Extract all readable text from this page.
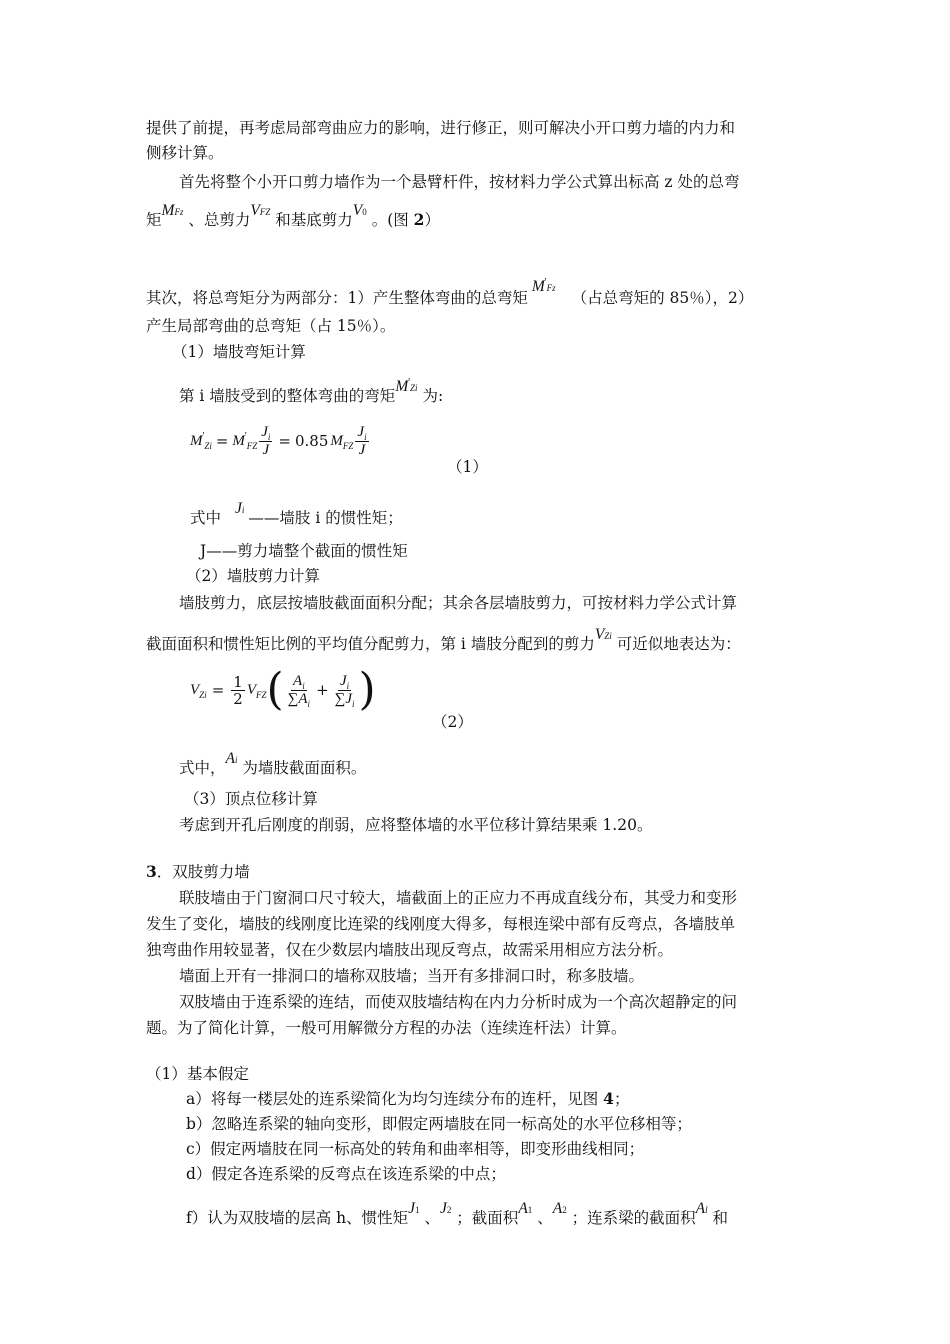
提供了前提，再考虑局部弯曲应力的影响，进行修正，则可解决小开口剪力墙的内力和
侧移计算。
首先将整个小开口剪力墙作为一个悬臂杆件，按材料力学公式算出标高 z 处的总弯
矩MFz 、总剪力VFZ 和基底剪力V0 。(图 2）
其次，将总弯矩分为两部分：1）产生整体弯曲的总弯矩M'Fz（占总弯矩的 85％），2）
产生局部弯曲的总弯矩（占 15％）。
（1）墙肢弯矩计算
第 i 墙肢受到的整体弯曲的弯矩M'Zi 为:
$M'_{Zi} = M'_{FZ} \frac{J_i}{J} = 0.85$ $M_{FZ} \frac{J_i}{J}$
（1）
式中Ji ——墙肢 i 的惯性矩；
J——剪力墙整个截面的惯性矩
（2）墙肢剪力计算
墙肢剪力，底层按墙肢截面面积分配；其余各层墙肢剪力，可按材料力学公式计算
截面面积和惯性矩比例的平均值分配剪力，第 i 墙肢分配到的剪力VZi 可近似地表达为：
$V_{Zi} = \frac{1}{2} V_{FZ}$ ( $\frac{A_i}{\sum A_i} + \frac{J_i}{\sum J_i}$ )
（2）
式中，Ai 为墙肢截面面积。
（3）顶点位移计算
考虑到开孔后刚度的削弱，应将整体墙的水平位移计算结果乘 1.20。
3．双肢剪力墙
联肢墙由于门窗洞口尺寸较大，墙截面上的正应力不再成直线分布，其受力和变形
发生了变化，墙肢的线刚度比连梁的线刚度大得多，每根连梁中部有反弯点，各墙肢单
独弯曲作用较显著，仅在少数层内墙肢出现反弯点，故需采用相应方法分析。
墙面上开有一排洞口的墙称双肢墙；当开有多排洞口时，称多肢墙。
双肢墙由于连系梁的连结，而使双肢墙结构在内力分析时成为一个高次超静定的问
题。为了简化计算，一般可用解微分方程的办法（连续连杆法）计算。
（1）基本假定
a）将每一楼层处的连系梁简化为均匀连续分布的连杆，见图 4；
b）忽略连系梁的轴向变形，即假定两墙肢在同一标高处的水平位移相等；
c）假定两墙肢在同一标高处的转角和曲率相等，即变形曲线相同；
d）假定各连系梁的反弯点在该连系梁的中点；
f）认为双肢墙的层高 h、惯性矩J1 、J2 ；截面积A1 、A2 ；连系梁的截面积Al 和
